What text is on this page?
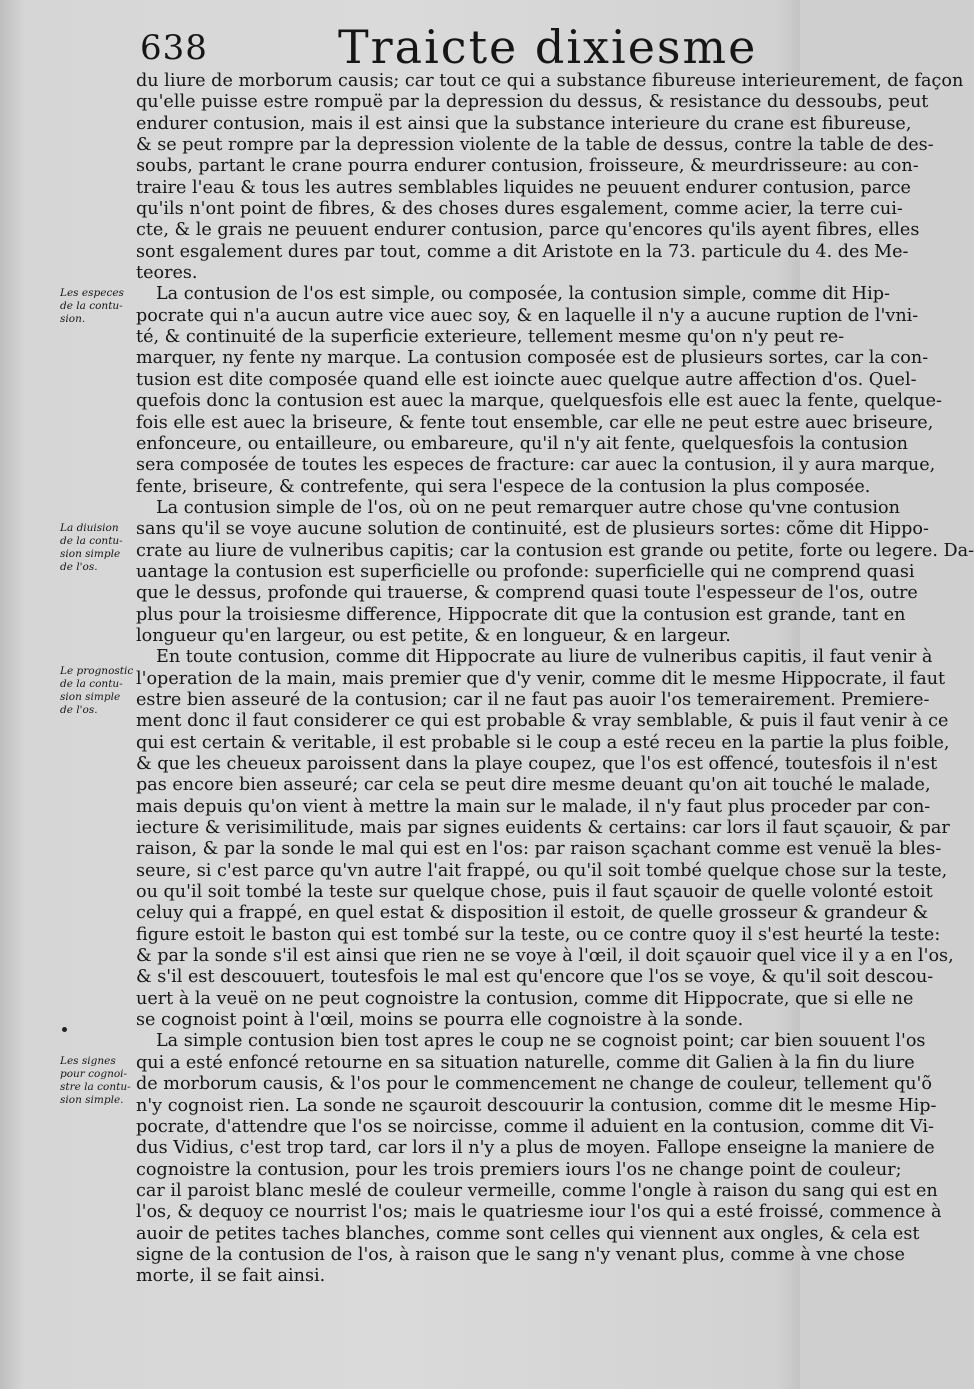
638	Traicte dixiesme
Les especes
de la contu-
sion.
La diuision
de la contu-
sion simple
de l'os.
Le prognostic
de la contu-
sion simple
de l'os.
Les signes
pour cognoi-
stre la contu-
sion simple.
du liure de morborum causis; car tout ce qui a substance fibureuse interieurement, de façon
qu'elle puisse estre rompuë par la depression du dessus, & resistance du dessoubs, peut
endurer contusion, mais il est ainsi que la substance interieure du crane est fibureuse,
& se peut rompre par la depression violente de la table de dessus, contre la table de des-
soubs, partant le crane pourra endurer contusion, froisseure, & meurdrisseure: au con-
traire l'eau & tous les autres semblables liquides ne peuuent endurer contusion, parce
qu'ils n'ont point de fibres, & des choses dures esgalement, comme acier, la terre cui-
cte, & le grais ne peuuent endurer contusion, parce qu'encores qu'ils ayent fibres, elles
sont esgalement dures par tout, comme a dit Aristote en la 73. particule du 4. des Me-
teores.
La contusion de l'os est simple, ou composée, la contusion simple, comme dit Hip-
pocrate qui n'a aucun autre vice auec soy, & en laquelle il n'y a aucune ruption de l'vni-
té, & continuité de la superficie exterieure, tellement mesme qu'on n'y peut re-
marquer, ny fente ny marque. La contusion composée est de plusieurs sortes, car la con-
tusion est dite composée quand elle est ioincte auec quelque autre affection d'os. Quel-
quefois donc la contusion est auec la marque, quelquesfois elle est auec la fente, quelque-
fois elle est auec la briseure, & fente tout ensemble, car elle ne peut estre auec briseure,
enfonceure, ou entailleure, ou embareure, qu'il n'y ait fente, quelquesfois la contusion
sera composée de toutes les especes de fracture: car auec la contusion, il y aura marque,
fente, briseure, & contrefente, qui sera l'espece de la contusion la plus composée.
La contusion simple de l'os, où on ne peut remarquer autre chose qu'vne contusion
sans qu'il se voye aucune solution de continuité, est de plusieurs sortes: cõme dit Hippo-
crate au liure de vulneribus capitis; car la contusion est grande ou petite, forte ou legere. Da-
uantage la contusion est superficielle ou profonde: superficielle qui ne comprend quasi
que le dessus, profonde qui trauerse, & comprend quasi toute l'espesseur de l'os, outre
plus pour la troisiesme difference, Hippocrate dit que la contusion est grande, tant en
longueur qu'en largeur, ou est petite, & en longueur, & en largeur.
En toute contusion, comme dit Hippocrate au liure de vulneribus capitis, il faut venir à
l'operation de la main, mais premier que d'y venir, comme dit le mesme Hippocrate, il faut
estre bien asseuré de la contusion; car il ne faut pas auoir l'os temerairement. Premiere-
ment donc il faut considerer ce qui est probable & vray semblable, & puis il faut venir à ce
qui est certain & veritable, il est probable si le coup a esté receu en la partie la plus foible,
& que les cheueux paroissent dans la playe coupez, que l'os est offencé, toutesfois il n'est
pas encore bien asseuré; car cela se peut dire mesme deuant qu'on ait touché le malade,
mais depuis qu'on vient à mettre la main sur le malade, il n'y faut plus proceder par con-
iecture & verisimilitude, mais par signes euidents & certains: car lors il faut sçauoir, & par
raison, & par la sonde le mal qui est en l'os: par raison sçachant comme est venuë la bles-
seure, si c'est parce qu'vn autre l'ait frappé, ou qu'il soit tombé quelque chose sur la teste,
ou qu'il soit tombé la teste sur quelque chose, puis il faut sçauoir de quelle volonté estoit
celuy qui a frappé, en quel estat & disposition il estoit, de quelle grosseur & grandeur &
figure estoit le baston qui est tombé sur la teste, ou ce contre quoy il s'est heurté la teste:
& par la sonde s'il est ainsi que rien ne se voye à l'œil, il doit sçauoir quel vice il y a en l'os,
& s'il est descouuert, toutesfois le mal est qu'encore que l'os se voye, & qu'il soit descou-
uert à la veuë on ne peut cognoistre la contusion, comme dit Hippocrate, que si elle ne
se cognoist point à l'œil, moins se pourra elle cognoistre à la sonde.
La simple contusion bien tost apres le coup ne se cognoist point; car bien souuent l'os
qui a esté enfoncé retourne en sa situation naturelle, comme dit Galien à la fin du liure
de morborum causis, & l'os pour le commencement ne change de couleur, tellement qu'õ
n'y cognoist rien. La sonde ne sçauroit descouurir la contusion, comme dit le mesme Hip-
pocrate, d'attendre que l'os se noircisse, comme il aduient en la contusion, comme dit Vi-
dus Vidius, c'est trop tard, car lors il n'y a plus de moyen. Fallope enseigne la maniere de
cognoistre la contusion, pour les trois premiers iours l'os ne change point de couleur;
car il paroist blanc meslé de couleur vermeille, comme l'ongle à raison du sang qui est en
l'os, & dequoy ce nourrist l'os; mais le quatriesme iour l'os qui a esté froissé, commence à
auoir de petites taches blanches, comme sont celles qui viennent aux ongles, & cela est
signe de la contusion de l'os, à raison que le sang n'y venant plus, comme à vne chose
morte, il se fait ainsi.
